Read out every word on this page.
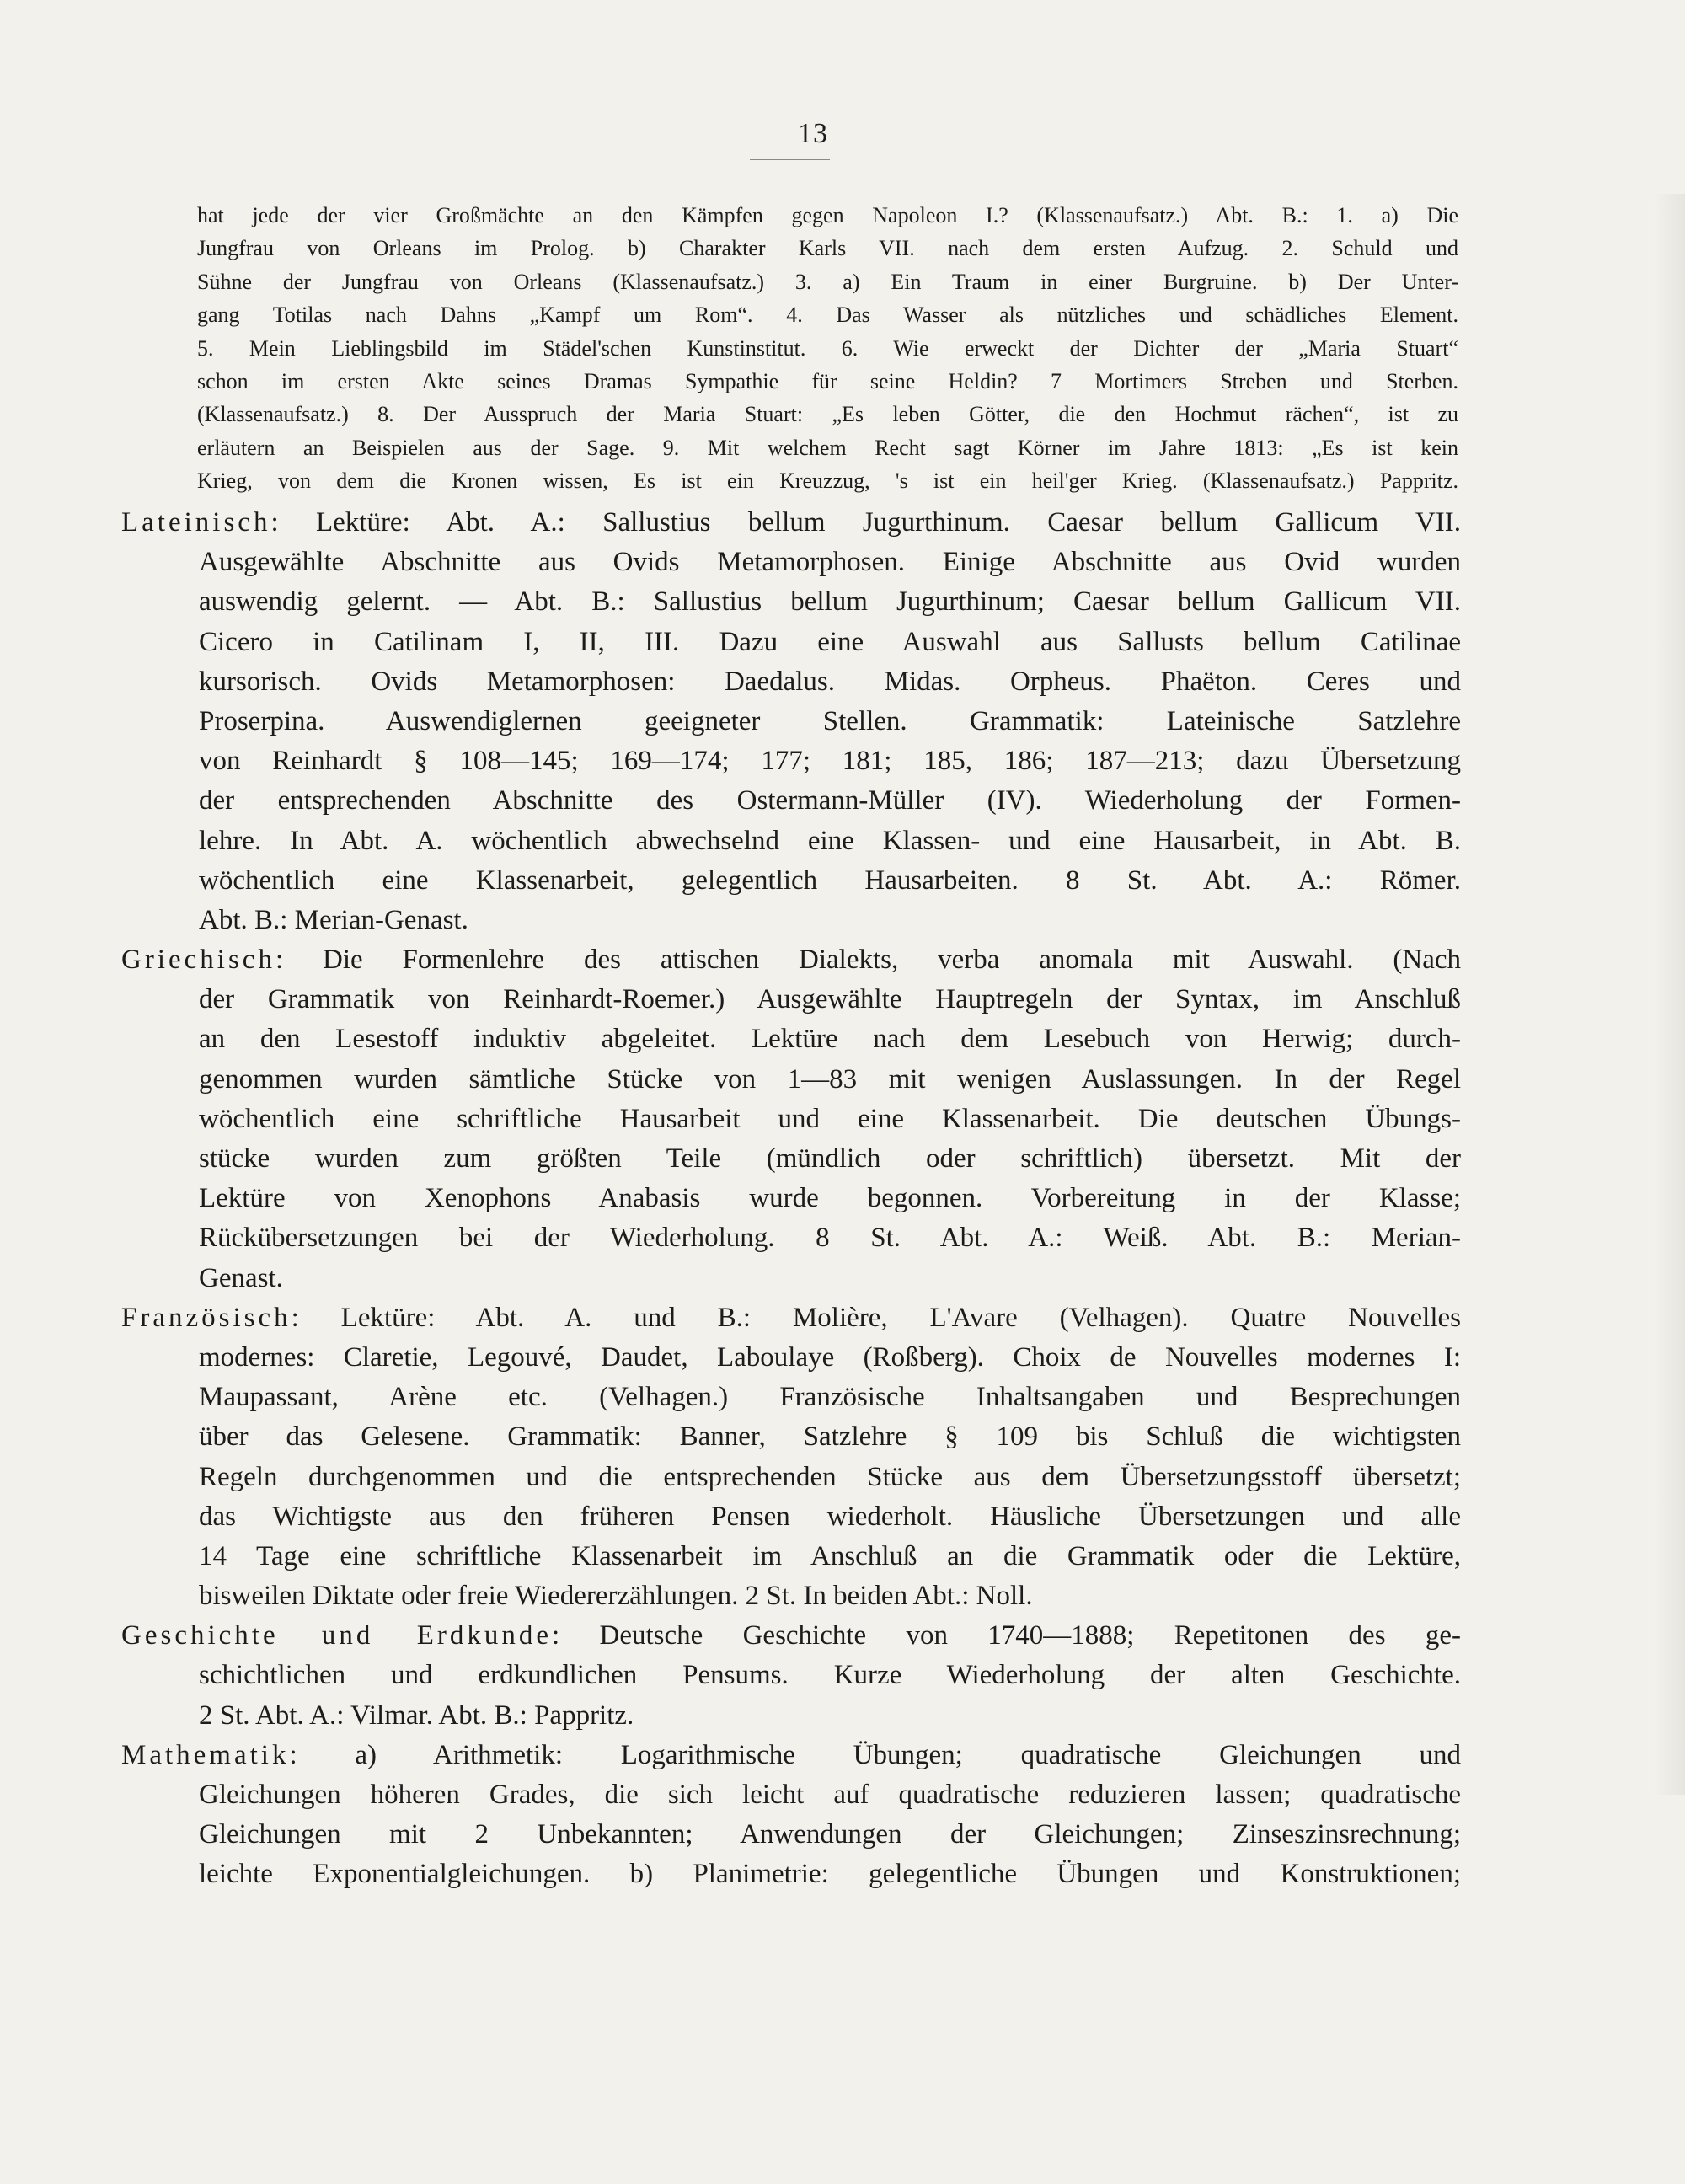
13
hat jede der vier Großmächte an den Kämpfen gegen Napoleon I.? (Klassenaufsatz.) Abt. B.: 1. a) Die
Jungfrau von Orleans im Prolog. b) Charakter Karls VII. nach dem ersten Aufzug. 2. Schuld und
Sühne der Jungfrau von Orleans (Klassenaufsatz.) 3. a) Ein Traum in einer Burgruine. b) Der Unter-
gang Totilas nach Dahns „Kampf um Rom“. 4. Das Wasser als nützliches und schädliches Element.
5. Mein Lieblingsbild im Städel'schen Kunstinstitut. 6. Wie erweckt der Dichter der „Maria Stuart“
schon im ersten Akte seines Dramas Sympathie für seine Heldin? 7 Mortimers Streben und Sterben.
(Klassenaufsatz.) 8. Der Ausspruch der Maria Stuart: „Es leben Götter, die den Hochmut rächen“, ist zu
erläutern an Beispielen aus der Sage. 9. Mit welchem Recht sagt Körner im Jahre 1813: „Es ist kein
Krieg, von dem die Kronen wissen, Es ist ein Kreuzzug, 's ist ein heil'ger Krieg. (Klassenaufsatz.) Pappritz.
Lateinisch: Lektüre: Abt. A.: Sallustius bellum Jugurthinum. Caesar bellum Gallicum VII.
Ausgewählte Abschnitte aus Ovids Metamorphosen. Einige Abschnitte aus Ovid wurden
auswendig gelernt. — Abt. B.: Sallustius bellum Jugurthinum; Caesar bellum Gallicum VII.
Cicero in Catilinam I, II, III. Dazu eine Auswahl aus Sallusts bellum Catilinae
kursorisch. Ovids Metamorphosen: Daedalus. Midas. Orpheus. Phaëton. Ceres und
Proserpina. Auswendiglernen geeigneter Stellen. Grammatik: Lateinische Satzlehre
von Reinhardt § 108—145; 169—174; 177; 181; 185, 186; 187—213; dazu Übersetzung
der entsprechenden Abschnitte des Ostermann-Müller (IV). Wiederholung der Formen-
lehre. In Abt. A. wöchentlich abwechselnd eine Klassen- und eine Hausarbeit, in Abt. B.
wöchentlich eine Klassenarbeit, gelegentlich Hausarbeiten. 8 St. Abt. A.: Römer.
Abt. B.: Merian-Genast.
Griechisch: Die Formenlehre des attischen Dialekts, verba anomala mit Auswahl. (Nach
der Grammatik von Reinhardt-Roemer.) Ausgewählte Hauptregeln der Syntax, im Anschluß
an den Lesestoff induktiv abgeleitet. Lektüre nach dem Lesebuch von Herwig; durch-
genommen wurden sämtliche Stücke von 1—83 mit wenigen Auslassungen. In der Regel
wöchentlich eine schriftliche Hausarbeit und eine Klassenarbeit. Die deutschen Übungs-
stücke wurden zum größten Teile (mündlich oder schriftlich) übersetzt. Mit der
Lektüre von Xenophons Anabasis wurde begonnen. Vorbereitung in der Klasse;
Rückübersetzungen bei der Wiederholung. 8 St. Abt. A.: Weiß. Abt. B.: Merian-
Genast.
Französisch: Lektüre: Abt. A. und B.: Molière, L'Avare (Velhagen). Quatre Nouvelles
modernes: Claretie, Legouvé, Daudet, Laboulaye (Roßberg). Choix de Nouvelles modernes I:
Maupassant, Arène etc. (Velhagen.) Französische Inhaltsangaben und Besprechungen
über das Gelesene. Grammatik: Banner, Satzlehre § 109 bis Schluß die wichtigsten
Regeln durchgenommen und die entsprechenden Stücke aus dem Übersetzungsstoff übersetzt;
das Wichtigste aus den früheren Pensen wiederholt. Häusliche Übersetzungen und alle
14 Tage eine schriftliche Klassenarbeit im Anschluß an die Grammatik oder die Lektüre,
bisweilen Diktate oder freie Wiedererzählungen. 2 St. In beiden Abt.: Noll.
Geschichte und Erdkunde: Deutsche Geschichte von 1740—1888; Repetitonen des ge-
schichtlichen und erdkundlichen Pensums. Kurze Wiederholung der alten Geschichte.
2 St. Abt. A.: Vilmar. Abt. B.: Pappritz.
Mathematik: a) Arithmetik: Logarithmische Übungen; quadratische Gleichungen und
Gleichungen höheren Grades, die sich leicht auf quadratische reduzieren lassen; quadratische
Gleichungen mit 2 Unbekannten; Anwendungen der Gleichungen; Zinseszinsrechnung;
leichte Exponentialgleichungen. b) Planimetrie: gelegentliche Übungen und Konstruktionen;
